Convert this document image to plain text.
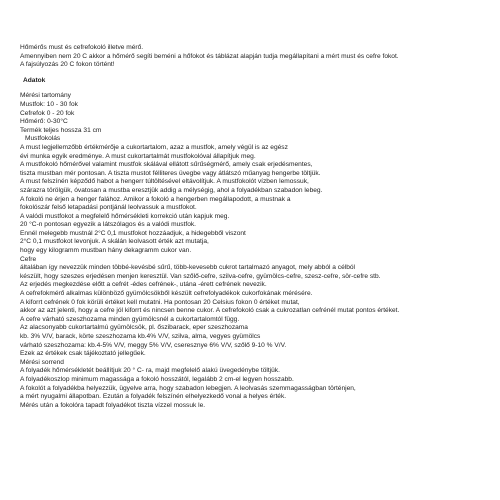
Hőmérős must és cefrefokoló illetve mérő.
Amennyiben nem 20 C akkor a hőmérő segíti beméni a hőfokot és táblázat alapján tudja megállapítani a mért must és cefre fokot.
A fajsúlyozás 20 C fokon történt!
Adatok
Mérési tartomány
Mustfok: 10 - 30 fok
Cefrefok 0 - 20 fok
Hőmérő: 0-30°C
Termék teljes hossza 31 cm
Mustfokolás
A must legjellemzőbb értékmérője a cukortartalom, azaz a mustfok, amely végül is az egész
évi munka egyik eredménye. A must cukortartalmát mustfokolóval állapítjuk meg.
A mustfokoló hőmérővel valamint mustfok skálával ellátott sűrűségmérő, amely csak erjedésmentes,
tiszta mustban mér pontosan. A tiszta mustot félliteres üvegbe vagy átlátszó műanyag hengerbe töltjük.
A must felszínén képződő habot a hengerr túltöltésével eltávolítjuk. A mustfokolót vízben lemossuk,
szárazra törölgük, óvatosan a mustba eresztjük addig a mélységig, ahol a folyadékban szabadon lebeg.
A fokoló ne érjen a henger falához. Amikor a fokoló a hengerben megállapodott, a mustnak a
fokolószár felső letapadási pontjánál leolvassuk a mustfokot.
A valódi mustfokot a megfelelő hőmérsékleti korrekció után kapjuk meg.
20 °C-n pontosan egyezik a látszólagos és a valódi mustfok.
Ennél melegebb mustnál 2°C 0,1 mustfokot hozzáadjuk, a hidegebből viszont
2°C 0,1 mustfokot levonjuk. A skálán leolvasott érték azt mutatja,
hogy egy kilogramm mustban hány dekagramm cukor van.
Cefre
általában így nevezzük minden többé-kevésbé sűrű, több-kevesebb cukrot tartalmazó anyagot, mely abból a célból
készült, hogy szeszes erjedésen menjen keresztül. Van szőlő-cefre, szilva-cefre, gyümölcs-cefre, szesz-cefre, sör-cefre stb.
Az erjedés megkezdése előtt a cefrét -édes cefrének-, utána -érett cefrének nevezik.
A cefrefokmérő alkalmas különböző gyümölcsökből készült cefrefolyadékok cukorfokának mérésére.
A kiforrt cefrének 0 fok körüli értéket kell mutatni. Ha pontosan 20 Celsius fokon 0 értéket mutat,
akkor az azt jelenti, hogy a cefre jól kiforrt és nincsen benne cukor. A cefrefokoló csak a cukrozatlan cefrénél mutat pontos értéket.
A cefre várható szeszhozama minden gyümölcsnél a cukortartalomtól függ.
Az alacsonyabb cukortartalmú gyümölcsök, pl. őszibarack, eper szeszhozama
kb. 3% V/V, barack, körte szeszhozama kb.4% V/V, szilva, alma, vegyes gyümölcs
várható szeszhozama: kb.4-5% V/V, meggy 5% V/V, cseresznye 6% V/V, szőlő 9-10 % V/V.
Ezek az értékek csak tájékoztató jellegűek.
Mérési sorrend
A folyadék hőmérsékletét beállítjuk 20 ° C- ra, majd megfelelő alakú üvegedénybe töltjük.
A folyadékoszlop minimum magassága a fokoló hosszától, legalább 2 cm-el legyen hosszabb.
A fokolót a folyadékba helyezzük, ügyelve arra, hogy szabadon lebegjen. A leolvasás szemmagasságban történjen,
a mért nyugalmi állapotban. Ezután a folyadék felszínén elhelyezkedő vonal a helyes érték.
Mérés után a fokolóra tapadt folyadékot tiszta vízzel mossuk le.
